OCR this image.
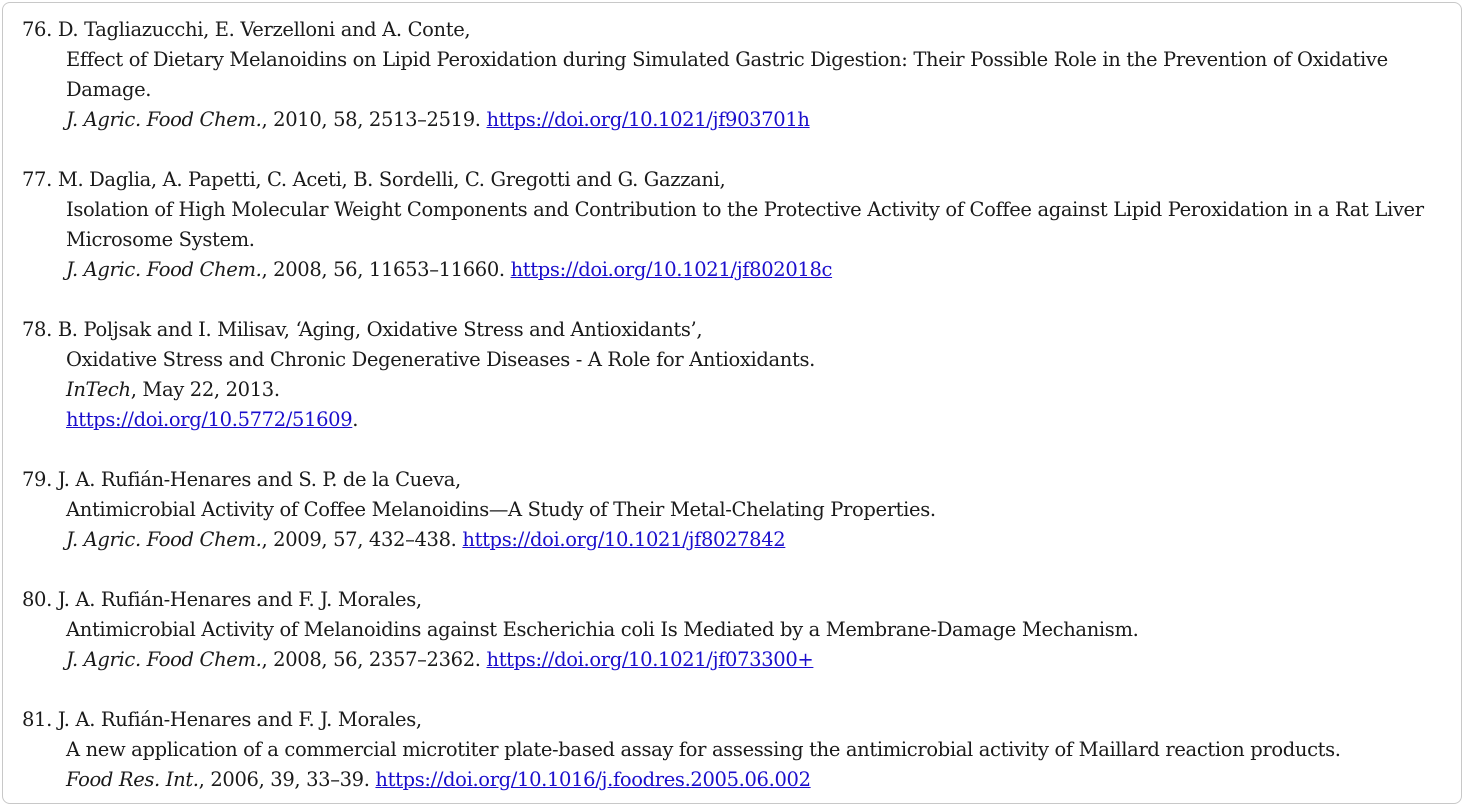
76. D. Tagliazucchi, E. Verzelloni and A. Conte,
Effect of Dietary Melanoidins on Lipid Peroxidation during Simulated Gastric Digestion: Their Possible Role in the Prevention of Oxidative Damage.
J. Agric. Food Chem., 2010, 58, 2513–2519. https://doi.org/10.1021/jf903701h
77. M. Daglia, A. Papetti, C. Aceti, B. Sordelli, C. Gregotti and G. Gazzani,
Isolation of High Molecular Weight Components and Contribution to the Protective Activity of Coffee against Lipid Peroxidation in a Rat Liver Microsome System.
J. Agric. Food Chem., 2008, 56, 11653–11660. https://doi.org/10.1021/jf802018c
78. B. Poljsak and I. Milisav, ‘Aging, Oxidative Stress and Antioxidants’,
Oxidative Stress and Chronic Degenerative Diseases - A Role for Antioxidants.
InTech, May 22, 2013.
https://doi.org/10.5772/51609.
79. J. A. Rufián-Henares and S. P. de la Cueva,
Antimicrobial Activity of Coffee Melanoidins—A Study of Their Metal-Chelating Properties.
J. Agric. Food Chem., 2009, 57, 432–438. https://doi.org/10.1021/jf8027842
80. J. A. Rufián-Henares and F. J. Morales,
Antimicrobial Activity of Melanoidins against Escherichia coli Is Mediated by a Membrane-Damage Mechanism.
J. Agric. Food Chem., 2008, 56, 2357–2362. https://doi.org/10.1021/jf073300+
81. J. A. Rufián-Henares and F. J. Morales,
A new application of a commercial microtiter plate-based assay for assessing the antimicrobial activity of Maillard reaction products.
Food Res. Int., 2006, 39, 33–39. https://doi.org/10.1016/j.foodres.2005.06.002
